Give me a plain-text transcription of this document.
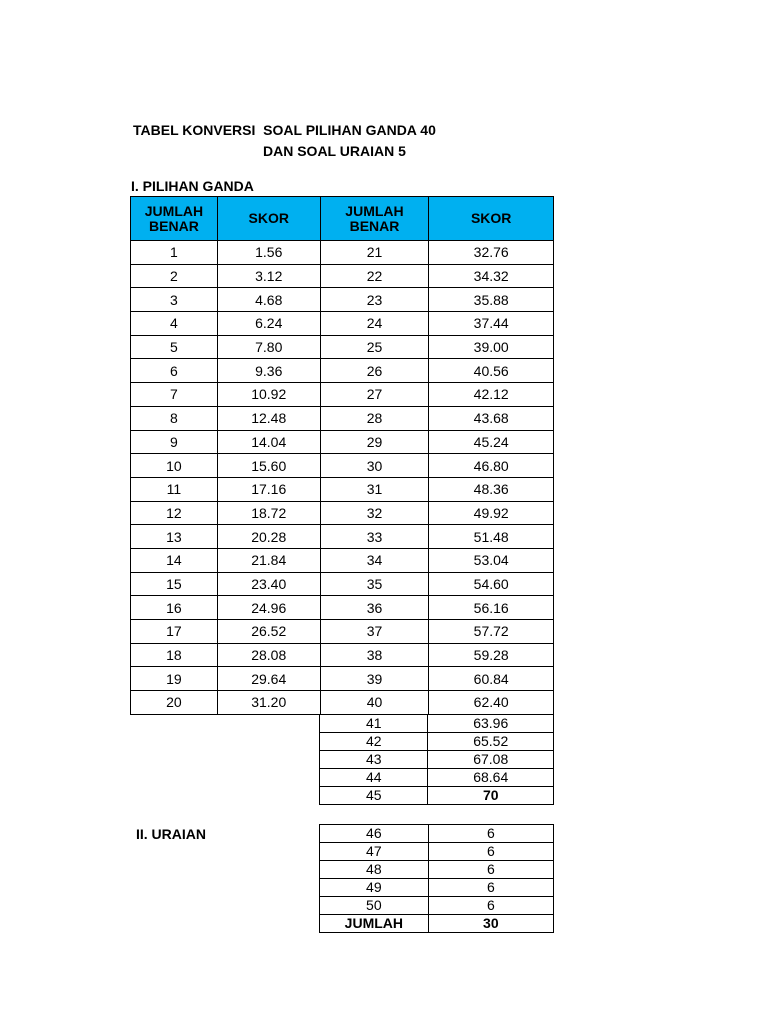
TABEL KONVERSI  SOAL PILIHAN GANDA 40
DAN SOAL URAIAN 5
I. PILIHAN GANDA
II. URAIAN
JUMLAH BENAR	SKOR	JUMLAH BENAR	SKOR
1	1.56	21	32.76
2	3.12	22	34.32
3	4.68	23	35.88
4	6.24	24	37.44
5	7.80	25	39.00
6	9.36	26	40.56
7	10.92	27	42.12
8	12.48	28	43.68
9	14.04	29	45.24
10	15.60	30	46.80
11	17.16	31	48.36
12	18.72	32	49.92
13	20.28	33	51.48
14	21.84	34	53.04
15	23.40	35	54.60
16	24.96	36	56.16
17	26.52	37	57.72
18	28.08	38	59.28
19	29.64	39	60.84
20	31.20	40	62.40
41	63.96
42	65.52
43	67.08
44	68.64
45	70
46	6
47	6
48	6
49	6
50	6
JUMLAH	30
